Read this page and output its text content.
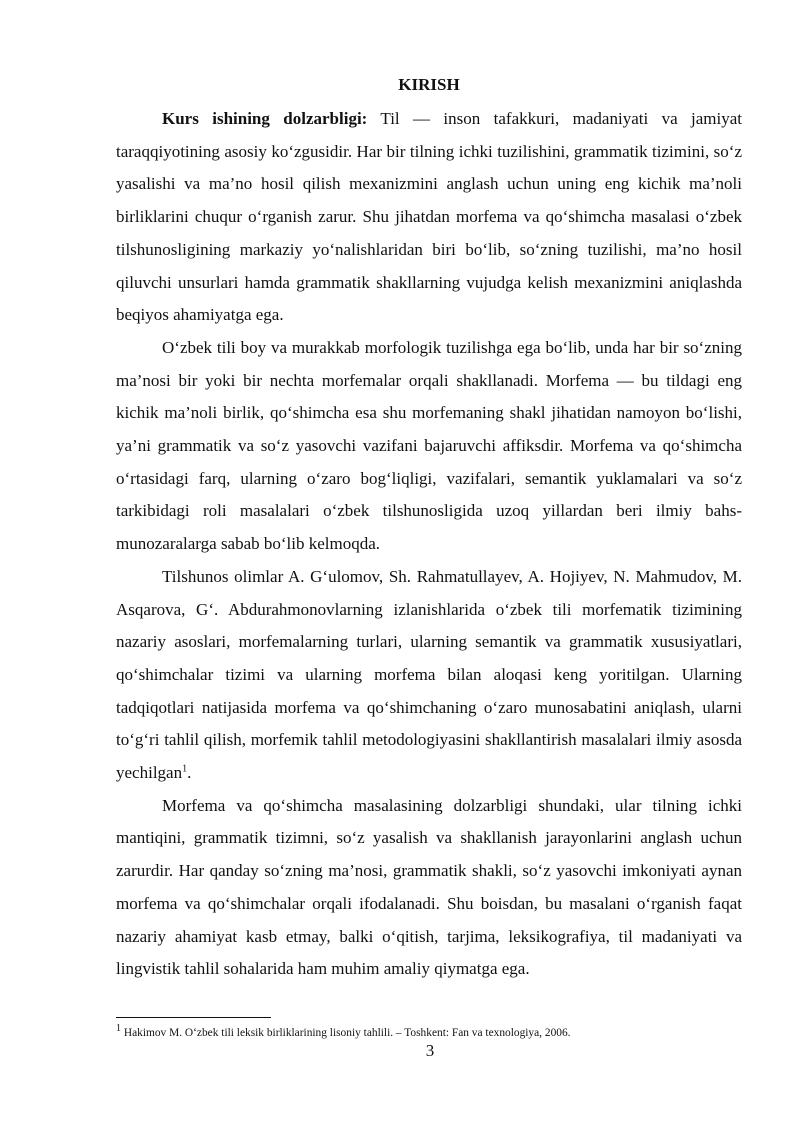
KIRISH

Kurs ishining dolzarbligi: Til — inson tafakkuri, madaniyati va jamiyat taraqqiyotining asosiy ko‘zgusidir. Har bir tilning ichki tuzilishini, grammatik tizimini, so‘z yasalishi va ma’no hosil qilish mexanizmini anglash uchun uning eng kichik ma’noli birliklarini chuqur o‘rganish zarur. Shu jihatdan morfema va qo‘shimcha masalasi o‘zbek tilshunosligining markaziy yo‘nalishlaridan biri bo‘lib, so‘zning tuzilishi, ma’no hosil qiluvchi unsurlari hamda grammatik shakllarning vujudga kelish mexanizmini aniqlashda beqiyos ahamiyatga ega.

O‘zbek tili boy va murakkab morfologik tuzilishga ega bo‘lib, unda har bir so‘zning ma’nosi bir yoki bir nechta morfemalar orqali shakllanadi. Morfema — bu tildagi eng kichik ma’noli birlik, qo‘shimcha esa shu morfemaning shakl jihatidan namoyon bo‘lishi, ya’ni grammatik va so‘z yasovchi vazifani bajaruvchi affiksdir. Morfema va qo‘shimcha o‘rtasidagi farq, ularning o‘zaro bog‘liqligi, vazifalari, semantik yuklamalari va so‘z tarkibidagi roli masalalari o‘zbek tilshunosligida uzoq yillardan beri ilmiy bahs-munozaralarga sabab bo‘lib kelmoqda.

Tilshunos olimlar A. G‘ulomov, Sh. Rahmatullayev, A. Hojiyev, N. Mahmudov, M. Asqarova, G‘. Abdurahmonovlarning izlanishlarida o‘zbek tili morfematik tizimining nazariy asoslari, morfemalarning turlari, ularning semantik va grammatik xususiyatlari, qo‘shimchalar tizimi va ularning morfema bilan aloqasi keng yoritilgan. Ularning tadqiqotlari natijasida morfema va qo‘shimchaning o‘zaro munosabatini aniqlash, ularni to‘g‘ri tahlil qilish, morfemik tahlil metodologiyasini shakllantirish masalalari ilmiy asosda yechilgan$^1$.

Morfema va qo‘shimcha masalasining dolzarbligi shundaki, ular tilning ichki mantiqini, grammatik tizimni, so‘z yasalish va shakllanish jarayonlarini anglash uchun zarurdir. Har qanday so‘zning ma’nosi, grammatik shakli, so‘z yasovchi imkoniyati aynan morfema va qo‘shimchalar orqali ifodalanadi. Shu boisdan, bu masalani o‘rganish faqat nazariy ahamiyat kasb etmay, balki o‘qitish, tarjima, leksikografiya, til madaniyati va lingvistik tahlil sohalarida ham muhim amaliy qiymatga ega.

$^1$ Hakimov M. O‘zbek tili leksik birliklarining lisoniy tahlili. – Toshkent: Fan va texnologiya, 2006.
3
